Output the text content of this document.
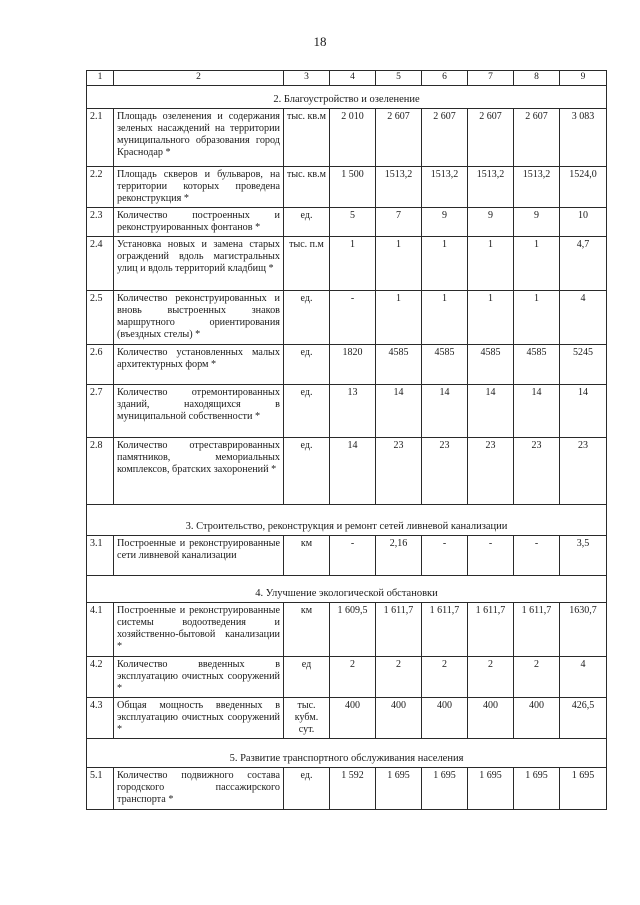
18
1	2	3	4	5	6	7	8	9
2. Благоустройство и озеленение								
2.1	Площадь озеленения и содержания зеленых насаждений на территории муниципального образования город Краснодар *	тыс. кв.м	2 010	2 607	2 607	2 607	2 607	3 083
2.2	Площадь скверов и бульваров, на территории которых проведена реконструкция *	тыс. кв.м	1 500	1513,2	1513,2	1513,2	1513,2	1524,0
2.3	Количество построенных и реконструированных фонтанов *	ед.	5	7	9	9	9	10
2.4	Установка новых и замена старых ограждений вдоль магистральных улиц и вдоль территорий кладбищ *	тыс. п.м	1	1	1	1	1	4,7
2.5	Количество реконструированных и вновь выстроенных знаков маршрутного ориентирования (въездных стелы) *	ед.	-	1	1	1	1	4
2.6	Количество установленных малых архитектурных форм *	ед.	1820	4585	4585	4585	4585	5245
2.7	Количество отремонтированных зданий, находящихся в муниципальной собственности *	ед.	13	14	14	14	14	14
2.8	Количество отреставрированных памятников, мемориальных комплексов, братских захоронений *	ед.	14	23	23	23	23	23
3. Строительство, реконструкция и ремонт сетей ливневой канализации								
3.1	Построенные и реконструированные сети ливневой канализации	км	-	2,16	-	-	-	3,5
4. Улучшение экологической обстановки								
4.1	Построенные и реконструированные системы водоотведения и хозяйственно-бытовой канализации *	км	1 609,5	1 611,7	1 611,7	1 611,7	1 611,7	1630,7
4.2	Количество введенных в эксплуатацию очистных сооружений *	ед	2	2	2	2	2	4
4.3	Общая мощность введенных в эксплуатацию очистных сооружений *	тыс. кубм. сут.	400	400	400	400	400	426,5
5. Развитие транспортного обслуживания населения								
5.1	Количество подвижного состава городского пассажирского транспорта *	ед.	1 592	1 695	1 695	1 695	1 695	1 695
